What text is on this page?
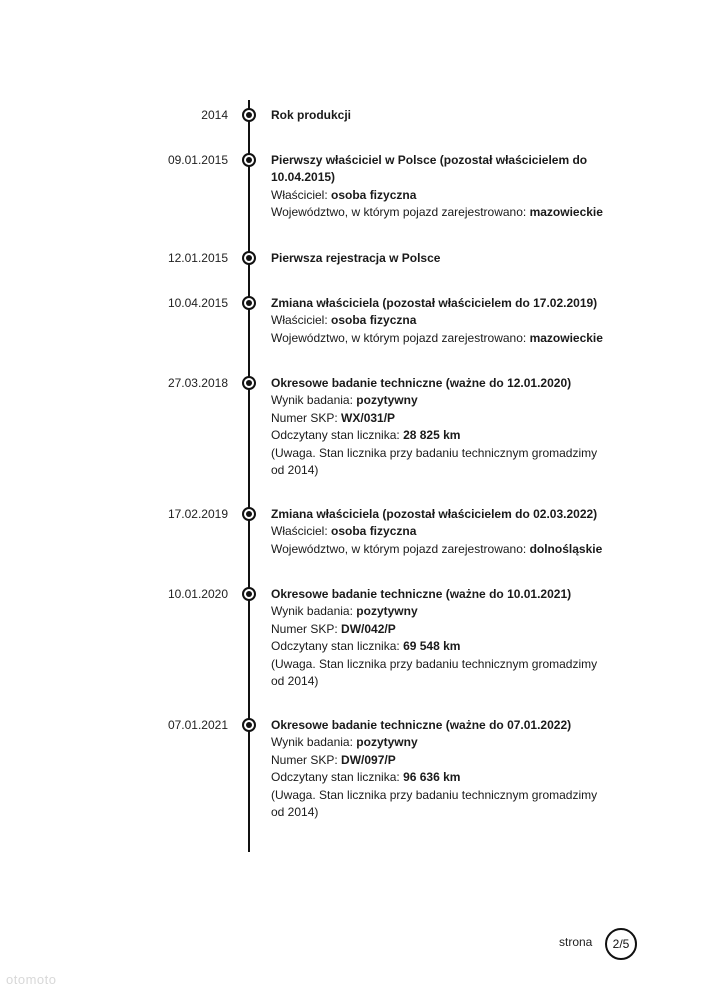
2014	Rok produkcji
09.01.2015	Pierwszy właściciel w Polsce (pozostał właścicielem do 10.04.2015)
Właściciel: osoba fizyczna
Województwo, w którym pojazd zarejestrowano: mazowieckie
12.01.2015	Pierwsza rejestracja w Polsce
10.04.2015	Zmiana właściciela (pozostał właścicielem do 17.02.2019)
Właściciel: osoba fizyczna
Województwo, w którym pojazd zarejestrowano: mazowieckie
27.03.2018	Okresowe badanie techniczne (ważne do 12.01.2020)
Wynik badania: pozytywny
Numer SKP: WX/031/P
Odczytany stan licznika: 28 825 km
(Uwaga. Stan licznika przy badaniu technicznym gromadzimy od 2014)
17.02.2019	Zmiana właściciela (pozostał właścicielem do 02.03.2022)
Właściciel: osoba fizyczna
Województwo, w którym pojazd zarejestrowano: dolnośląskie
10.01.2020	Okresowe badanie techniczne (ważne do 10.01.2021)
Wynik badania: pozytywny
Numer SKP: DW/042/P
Odczytany stan licznika: 69 548 km
(Uwaga. Stan licznika przy badaniu technicznym gromadzimy od 2014)
07.01.2021	Okresowe badanie techniczne (ważne do 07.01.2022)
Wynik badania: pozytywny
Numer SKP: DW/097/P
Odczytany stan licznika: 96 636 km
(Uwaga. Stan licznika przy badaniu technicznym gromadzimy od 2014)
strona 2/5
otomoto
